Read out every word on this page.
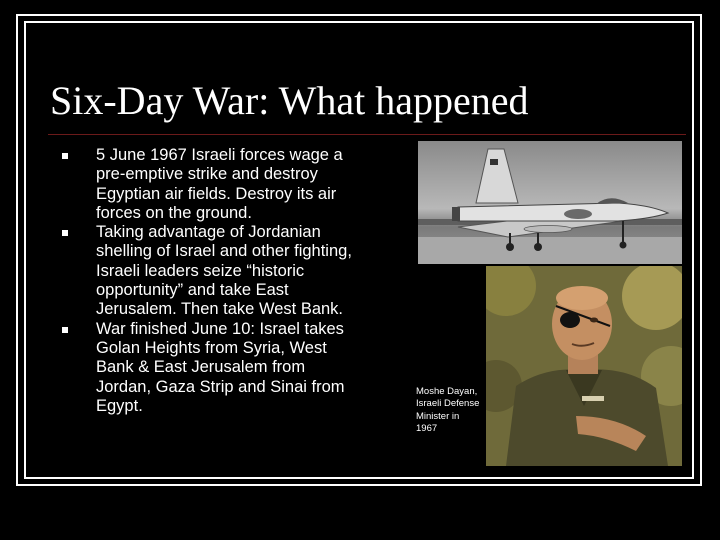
Six-Day War: What happened
5 June 1967 Israeli forces wage a pre-emptive strike and destroy Egyptian air fields. Destroy its air forces on the ground.
Taking advantage of Jordanian shelling of Israel and other fighting, Israeli leaders seize “historic opportunity” and take East Jerusalem. Then take West Bank.
War finished June 10: Israel takes Golan Heights from Syria, West Bank & East Jerusalem from Jordan, Gaza Strip and Sinai from Egypt.
Moshe Dayan, Israeli Defense Minister in 1967
